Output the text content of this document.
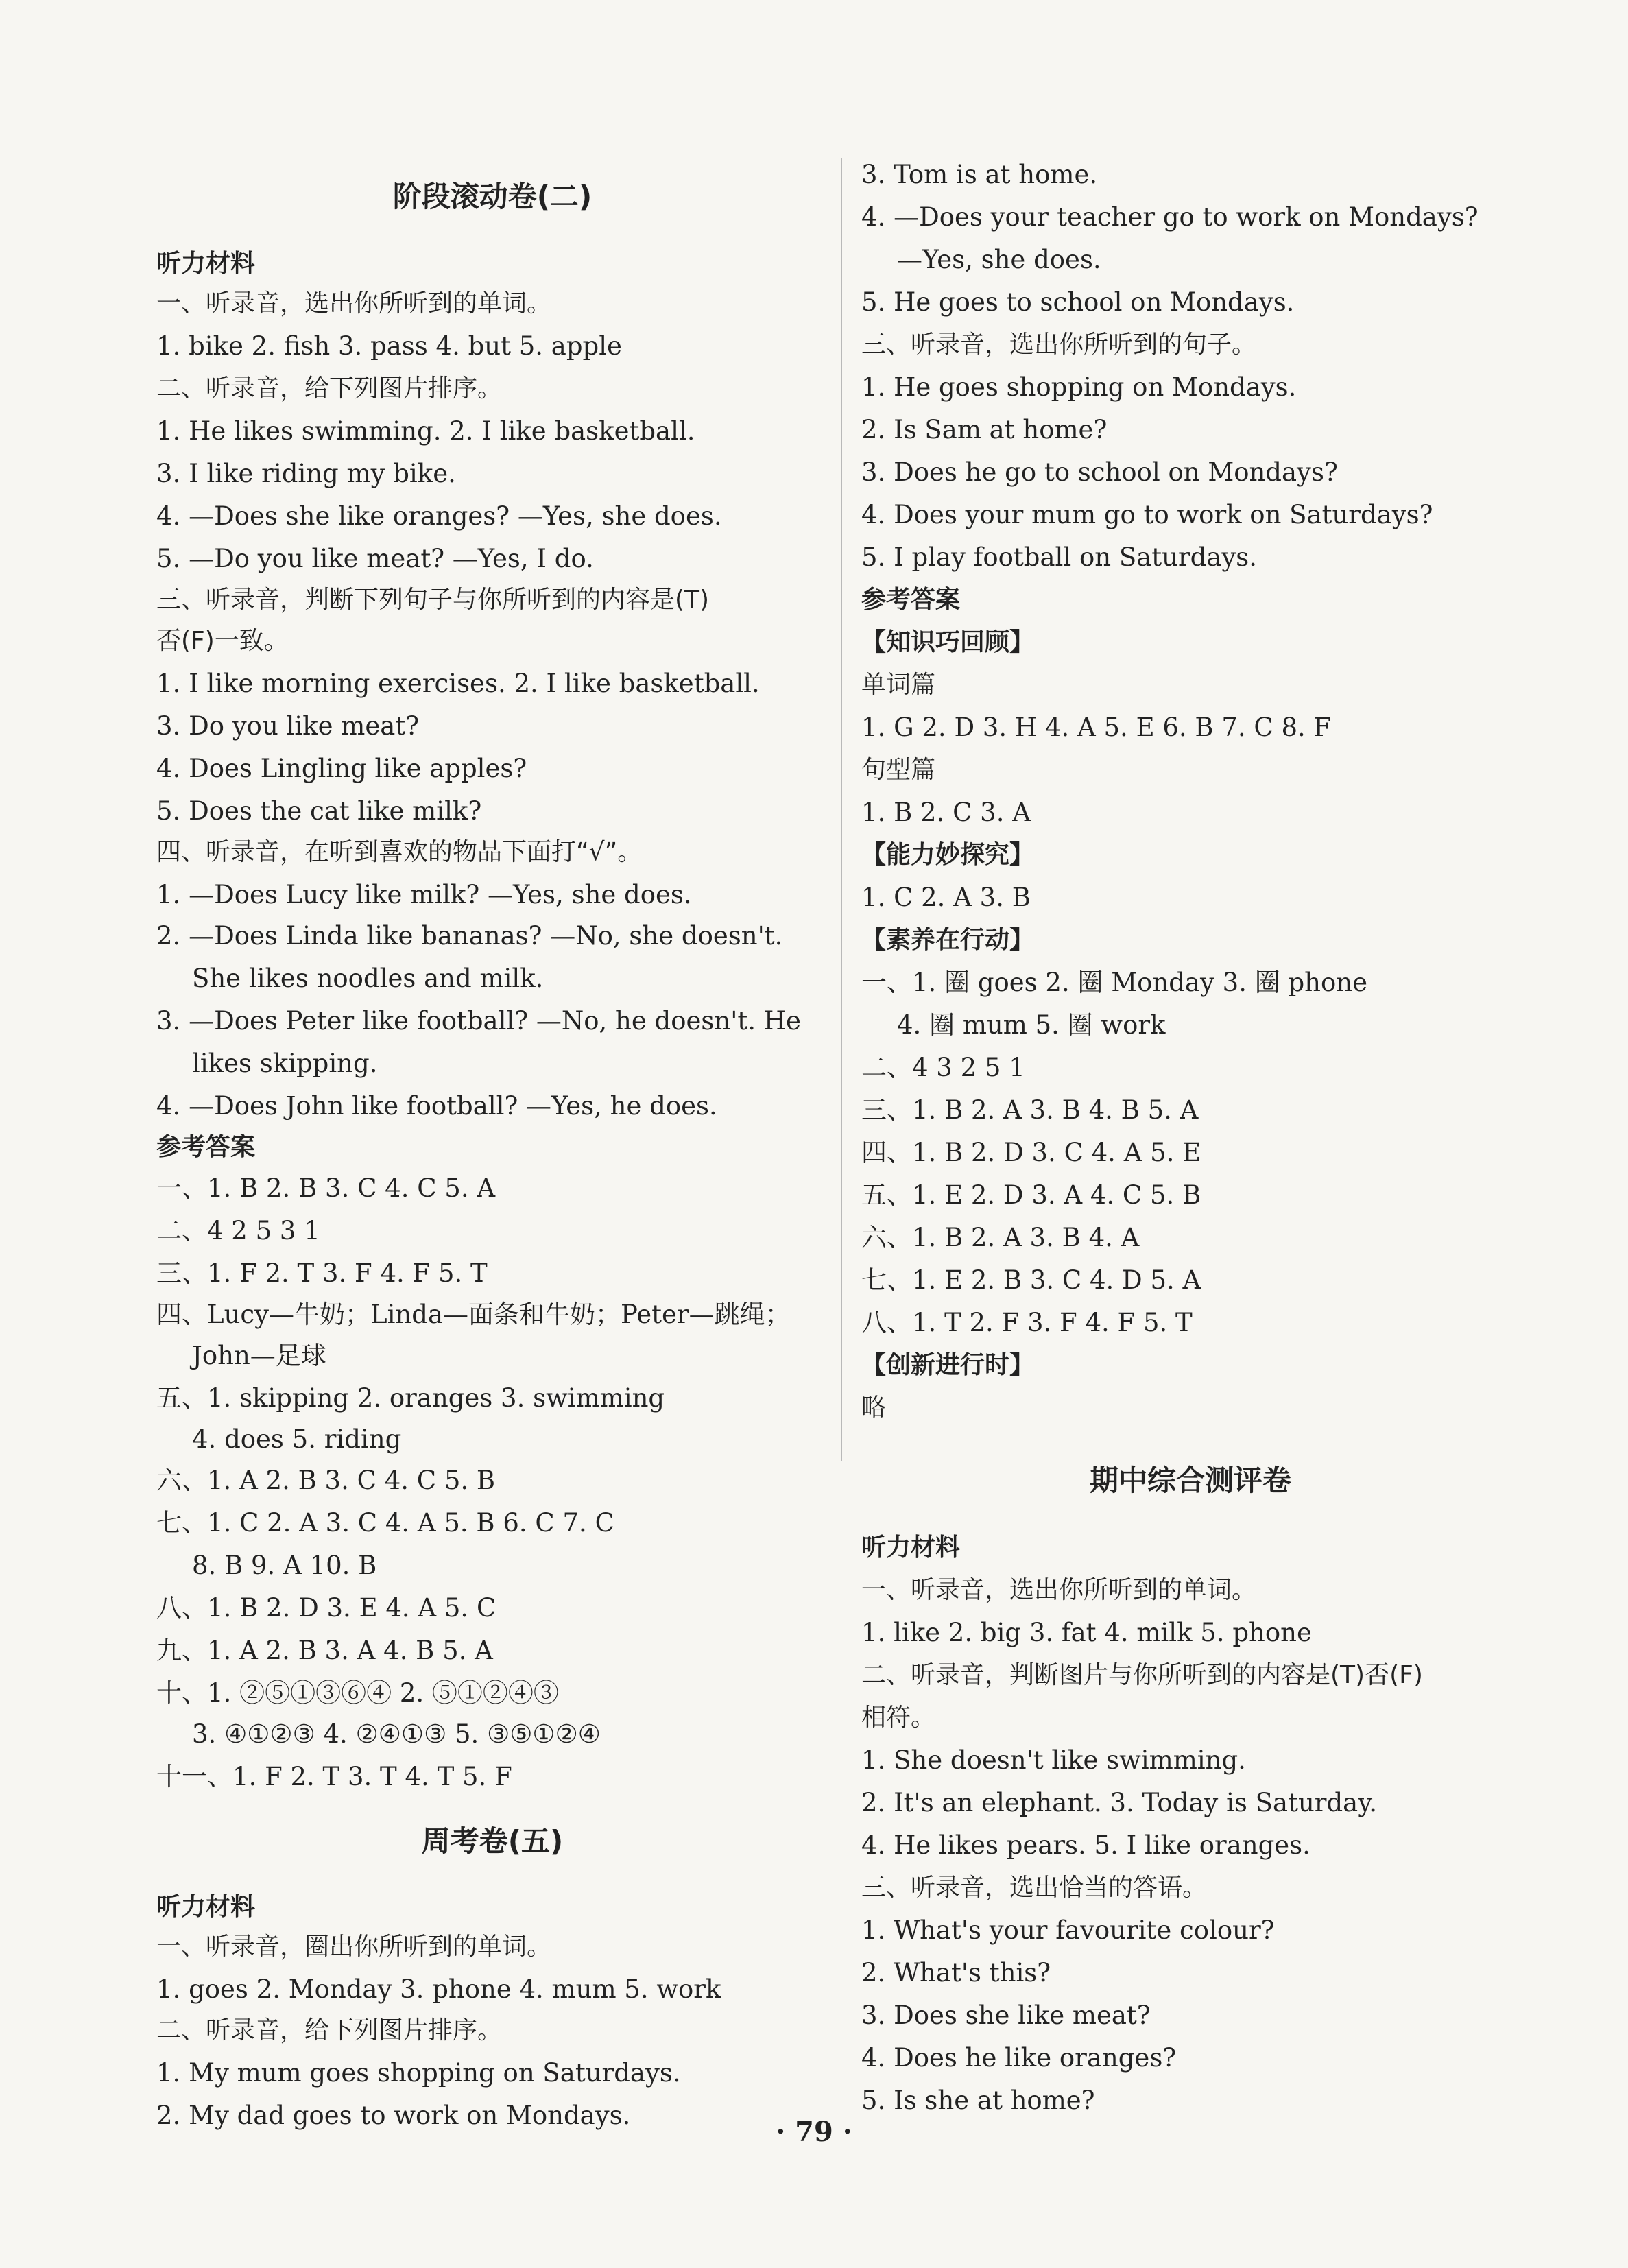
阶段滚动卷(二)
听力材料
一、听录音，选出你所听到的单词。
1. bike 2. fish 3. pass 4. but 5. apple
二、听录音，给下列图片排序。
1. He likes swimming. 2. I like basketball.
3. I like riding my bike.
4. —Does she like oranges? —Yes, she does.
5. —Do you like meat? —Yes, I do.
三、听录音，判断下列句子与你所听到的内容是(T)
否(F)一致。
1. I like morning exercises. 2. I like basketball.
3. Do you like meat?
4. Does Lingling like apples?
5. Does the cat like milk?
四、听录音，在听到喜欢的物品下面打“√”。
1. —Does Lucy like milk? —Yes, she does.
2. —Does Linda like bananas? —No, she doesn't.
She likes noodles and milk.
3. —Does Peter like football? —No, he doesn't. He
likes skipping.
4. —Does John like football? —Yes, he does.
参考答案
一、1. B 2. B 3. C 4. C 5. A
二、4 2 5 3 1
三、1. F 2. T 3. F 4. F 5. T
四、Lucy—牛奶；Linda—面条和牛奶；Peter—跳绳；
John—足球
五、1. skipping 2. oranges 3. swimming
4. does 5. riding
六、1. A 2. B 3. C 4. C 5. B
七、1. C 2. A 3. C 4. A 5. B 6. C 7. C
8. B 9. A 10. B
八、1. B 2. D 3. E 4. A 5. C
九、1. A 2. B 3. A 4. B 5. A
十、1. ②⑤①③⑥④ 2. ⑤①②④③
3. ④①②③ 4. ②④①③ 5. ③⑤①②④
十一、1. F 2. T 3. T 4. T 5. F
周考卷(五)
听力材料
一、听录音，圈出你所听到的单词。
1. goes 2. Monday 3. phone 4. mum 5. work
二、听录音，给下列图片排序。
1. My mum goes shopping on Saturdays.
2. My dad goes to work on Mondays.
3. Tom is at home.
4. —Does your teacher go to work on Mondays?
—Yes, she does.
5. He goes to school on Mondays.
三、听录音，选出你所听到的句子。
1. He goes shopping on Mondays.
2. Is Sam at home?
3. Does he go to school on Mondays?
4. Does your mum go to work on Saturdays?
5. I play football on Saturdays.
参考答案
【知识巧回顾】
单词篇
1. G 2. D 3. H 4. A 5. E 6. B 7. C 8. F
句型篇
1. B 2. C 3. A
【能力妙探究】
1. C 2. A 3. B
【素养在行动】
一、1. 圈 goes 2. 圈 Monday 3. 圈 phone
4. 圈 mum 5. 圈 work
二、4 3 2 5 1
三、1. B 2. A 3. B 4. B 5. A
四、1. B 2. D 3. C 4. A 5. E
五、1. E 2. D 3. A 4. C 5. B
六、1. B 2. A 3. B 4. A
七、1. E 2. B 3. C 4. D 5. A
八、1. T 2. F 3. F 4. F 5. T
【创新进行时】
略
期中综合测评卷
听力材料
一、听录音，选出你所听到的单词。
1. like 2. big 3. fat 4. milk 5. phone
二、听录音，判断图片与你所听到的内容是(T)否(F)
相符。
1. She doesn't like swimming.
2. It's an elephant. 3. Today is Saturday.
4. He likes pears. 5. I like oranges.
三、听录音，选出恰当的答语。
1. What's your favourite colour?
2. What's this?
3. Does she like meat?
4. Does he like oranges?
5. Is she at home?
· 79 ·
